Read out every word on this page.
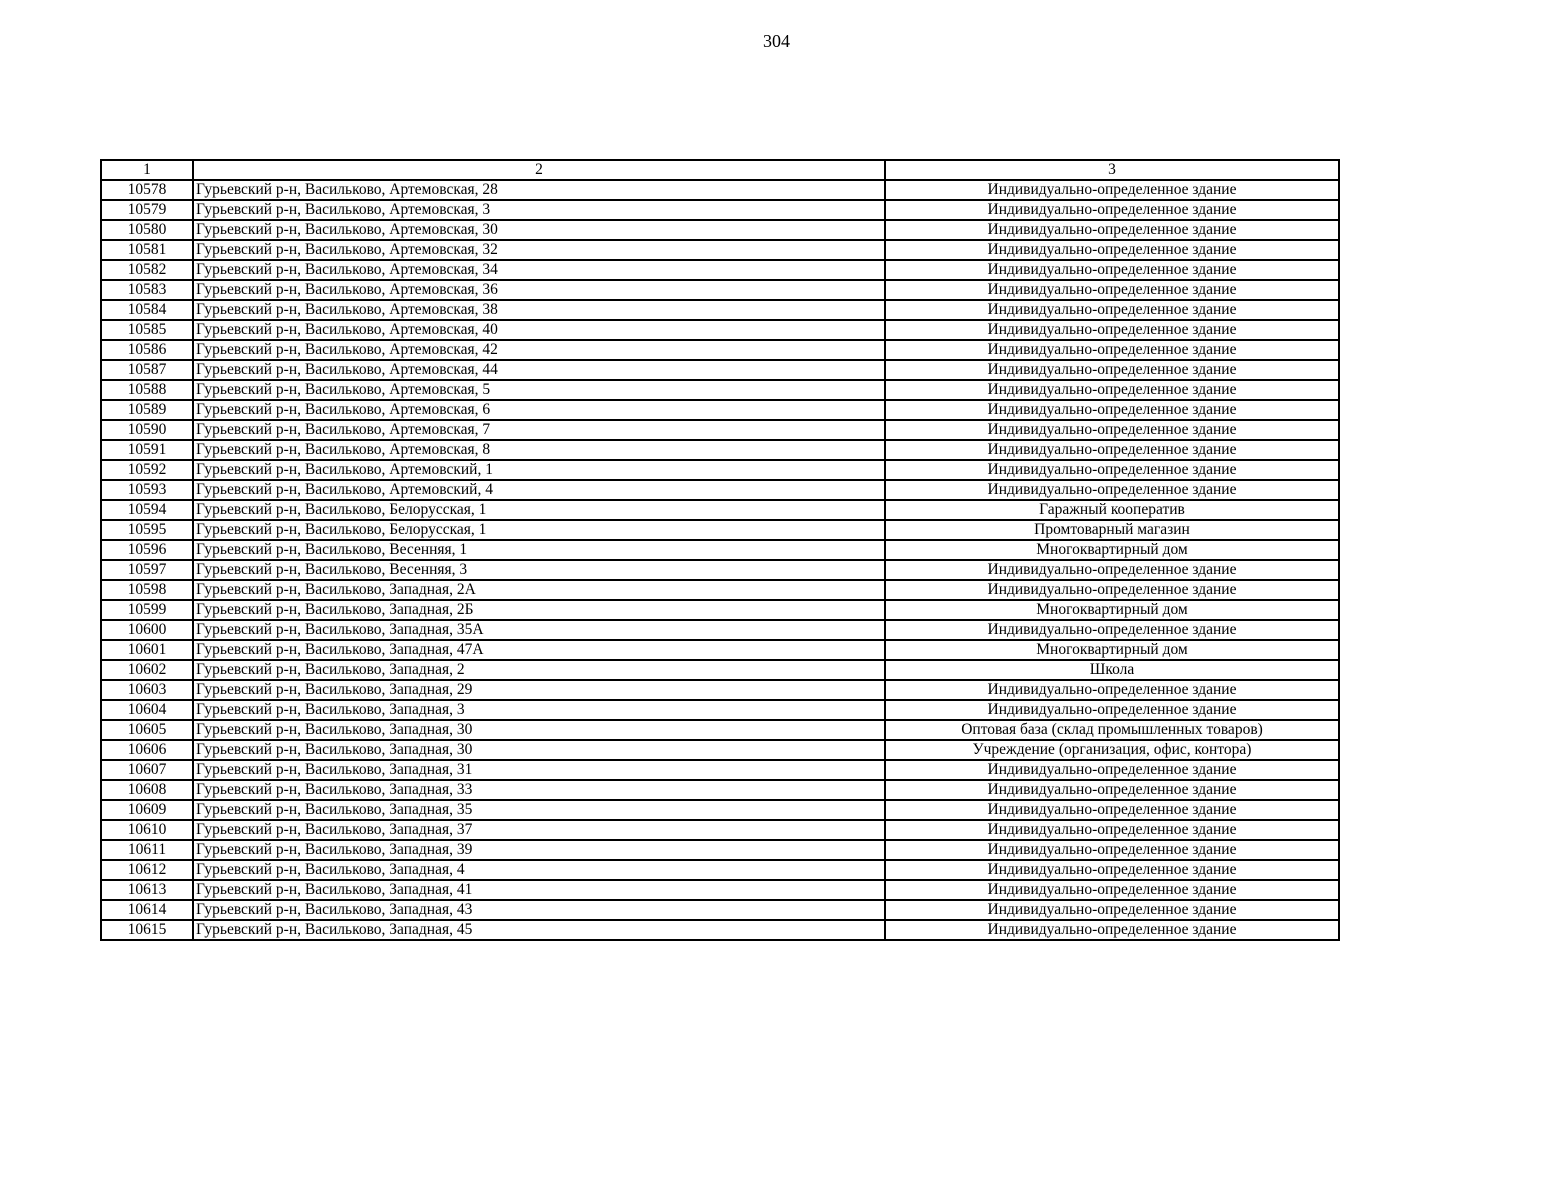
304
1	2	3
10578	Гурьевский р-н, Васильково, Артемовская, 28	Индивидуально-определенное здание
10579	Гурьевский р-н, Васильково, Артемовская, 3	Индивидуально-определенное здание
10580	Гурьевский р-н, Васильково, Артемовская, 30	Индивидуально-определенное здание
10581	Гурьевский р-н, Васильково, Артемовская, 32	Индивидуально-определенное здание
10582	Гурьевский р-н, Васильково, Артемовская, 34	Индивидуально-определенное здание
10583	Гурьевский р-н, Васильково, Артемовская, 36	Индивидуально-определенное здание
10584	Гурьевский р-н, Васильково, Артемовская, 38	Индивидуально-определенное здание
10585	Гурьевский р-н, Васильково, Артемовская, 40	Индивидуально-определенное здание
10586	Гурьевский р-н, Васильково, Артемовская, 42	Индивидуально-определенное здание
10587	Гурьевский р-н, Васильково, Артемовская, 44	Индивидуально-определенное здание
10588	Гурьевский р-н, Васильково, Артемовская, 5	Индивидуально-определенное здание
10589	Гурьевский р-н, Васильково, Артемовская, 6	Индивидуально-определенное здание
10590	Гурьевский р-н, Васильково, Артемовская, 7	Индивидуально-определенное здание
10591	Гурьевский р-н, Васильково, Артемовская, 8	Индивидуально-определенное здание
10592	Гурьевский р-н, Васильково, Артемовский, 1	Индивидуально-определенное здание
10593	Гурьевский р-н, Васильково, Артемовский, 4	Индивидуально-определенное здание
10594	Гурьевский р-н, Васильково, Белорусская, 1	Гаражный кооператив
10595	Гурьевский р-н, Васильково, Белорусская, 1	Промтоварный магазин
10596	Гурьевский р-н, Васильково, Весенняя, 1	Многоквартирный дом
10597	Гурьевский р-н, Васильково, Весенняя, 3	Индивидуально-определенное здание
10598	Гурьевский р-н, Васильково, Западная, 2А	Индивидуально-определенное здание
10599	Гурьевский р-н, Васильково, Западная, 2Б	Многоквартирный дом
10600	Гурьевский р-н, Васильково, Западная, 35А	Индивидуально-определенное здание
10601	Гурьевский р-н, Васильково, Западная, 47А	Многоквартирный дом
10602	Гурьевский р-н, Васильково, Западная, 2	Школа
10603	Гурьевский р-н, Васильково, Западная, 29	Индивидуально-определенное здание
10604	Гурьевский р-н, Васильково, Западная, 3	Индивидуально-определенное здание
10605	Гурьевский р-н, Васильково, Западная, 30	Оптовая база (склад промышленных товаров)
10606	Гурьевский р-н, Васильково, Западная, 30	Учреждение (организация, офис, контора)
10607	Гурьевский р-н, Васильково, Западная, 31	Индивидуально-определенное здание
10608	Гурьевский р-н, Васильково, Западная, 33	Индивидуально-определенное здание
10609	Гурьевский р-н, Васильково, Западная, 35	Индивидуально-определенное здание
10610	Гурьевский р-н, Васильково, Западная, 37	Индивидуально-определенное здание
10611	Гурьевский р-н, Васильково, Западная, 39	Индивидуально-определенное здание
10612	Гурьевский р-н, Васильково, Западная, 4	Индивидуально-определенное здание
10613	Гурьевский р-н, Васильково, Западная, 41	Индивидуально-определенное здание
10614	Гурьевский р-н, Васильково, Западная, 43	Индивидуально-определенное здание
10615	Гурьевский р-н, Васильково, Западная, 45	Индивидуально-определенное здание
